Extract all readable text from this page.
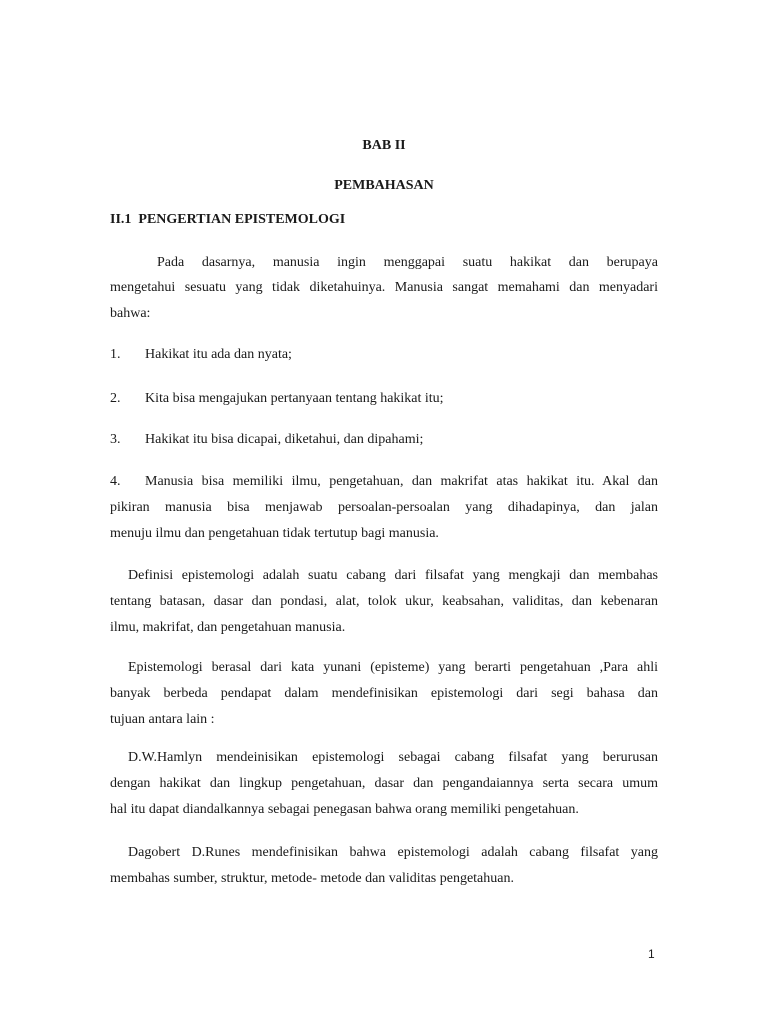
BAB II
PEMBAHASAN
II.1  PENGERTIAN EPISTEMOLOGI
Pada dasarnya, manusia ingin menggapai suatu hakikat dan berupaya
mengetahui sesuatu yang tidak diketahuinya. Manusia sangat memahami dan menyadari
bahwa:
1. Hakikat itu ada dan nyata;
2. Kita bisa mengajukan pertanyaan tentang hakikat itu;
3. Hakikat itu bisa dicapai, diketahui, dan dipahami;
4. Manusia bisa memiliki ilmu, pengetahuan, dan makrifat atas hakikat itu. Akal dan
pikiran manusia bisa menjawab persoalan-persoalan yang dihadapinya, dan jalan
menuju ilmu dan pengetahuan tidak tertutup bagi manusia.
Definisi epistemologi adalah suatu cabang dari filsafat yang mengkaji dan membahas
tentang batasan, dasar dan pondasi, alat, tolok ukur, keabsahan, validitas, dan kebenaran
ilmu, makrifat, dan pengetahuan manusia.
Epistemologi berasal dari kata yunani (episteme) yang berarti pengetahuan ,Para ahli
banyak berbeda pendapat dalam mendefinisikan epistemologi dari segi bahasa dan
tujuan antara lain :
D.W.Hamlyn mendeinisikan epistemologi sebagai cabang filsafat yang berurusan
dengan hakikat dan lingkup pengetahuan, dasar dan pengandaiannya serta secara umum
hal itu dapat diandalkannya sebagai penegasan bahwa orang memiliki pengetahuan.
Dagobert D.Runes mendefinisikan bahwa epistemologi adalah cabang filsafat yang
membahas sumber, struktur, metode- metode dan validitas pengetahuan.
1
